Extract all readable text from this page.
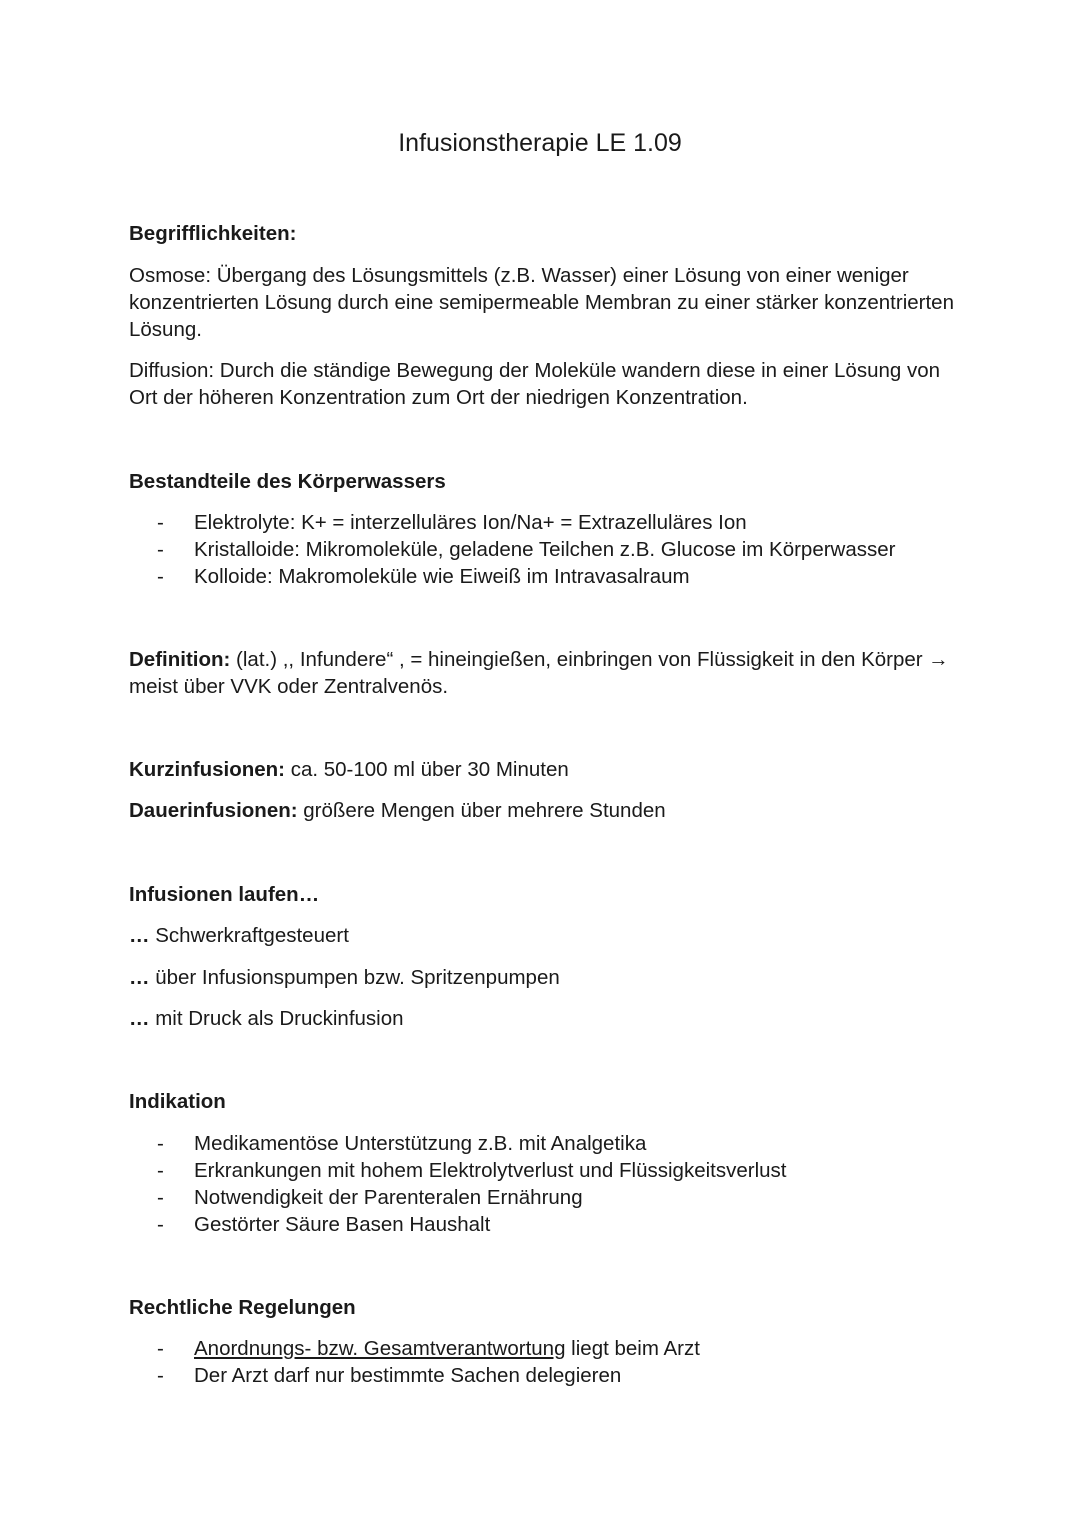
Infusionstherapie LE 1.09
Begrifflichkeiten:

Osmose: Übergang des Lösungsmittels (z.B. Wasser) einer Lösung von einer weniger konzentrierten Lösung durch eine semipermeable Membran zu einer stärker konzentrierten Lösung.

Diffusion: Durch die ständige Bewegung der Moleküle wandern diese in einer Lösung von Ort der höheren Konzentration zum Ort der niedrigen Konzentration.

Bestandteile des Körperwassers
- Elektrolyte: K+ = interzelluläres Ion/Na+ = Extrazelluläres Ion
- Kristalloide: Mikromoleküle, geladene Teilchen z.B. Glucose im Körperwasser
- Kolloide: Makromoleküle wie Eiweiß im Intravasalraum

Definition: (lat.) ,, Infundere“ , = hineingießen, einbringen von Flüssigkeit in den Körper → meist über VVK oder Zentralvenös.

Kurzinfusionen: ca. 50-100 ml über 30 Minuten

Dauerinfusionen: größere Mengen über mehrere Stunden

Infusionen laufen…

… Schwerkraftgesteuert

… über Infusionspumpen bzw. Spritzenpumpen

… mit Druck als Druckinfusion

Indikation
- Medikamentöse Unterstützung z.B. mit Analgetika
- Erkrankungen mit hohem Elektrolytverlust und Flüssigkeitsverlust
- Notwendigkeit der Parenteralen Ernährung
- Gestörter Säure Basen Haushalt
Rechtliche Regelungen
- Anordnungs- bzw. Gesamtverantwortung liegt beim Arzt
- Der Arzt darf nur bestimmte Sachen delegieren
